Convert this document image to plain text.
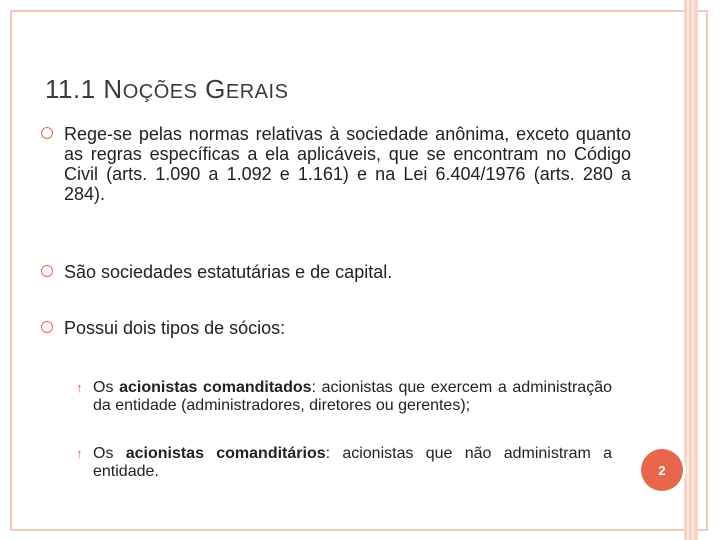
11.1 NOÇÕES GERAIS
Rege-se pelas normas relativas à sociedade anônima, exceto quanto as regras específicas a ela aplicáveis, que se encontram no Código Civil (arts. 1.090 a 1.092 e 1.161) e na Lei 6.404/1976 (arts. 280 a 284).
São sociedades estatutárias e de capital.
Possui dois tipos de sócios:
↑ Os acionistas comanditados: acionistas que exercem a administração da entidade (administradores, diretores ou gerentes);
↑ Os acionistas comanditários: acionistas que não administram a entidade.	2
